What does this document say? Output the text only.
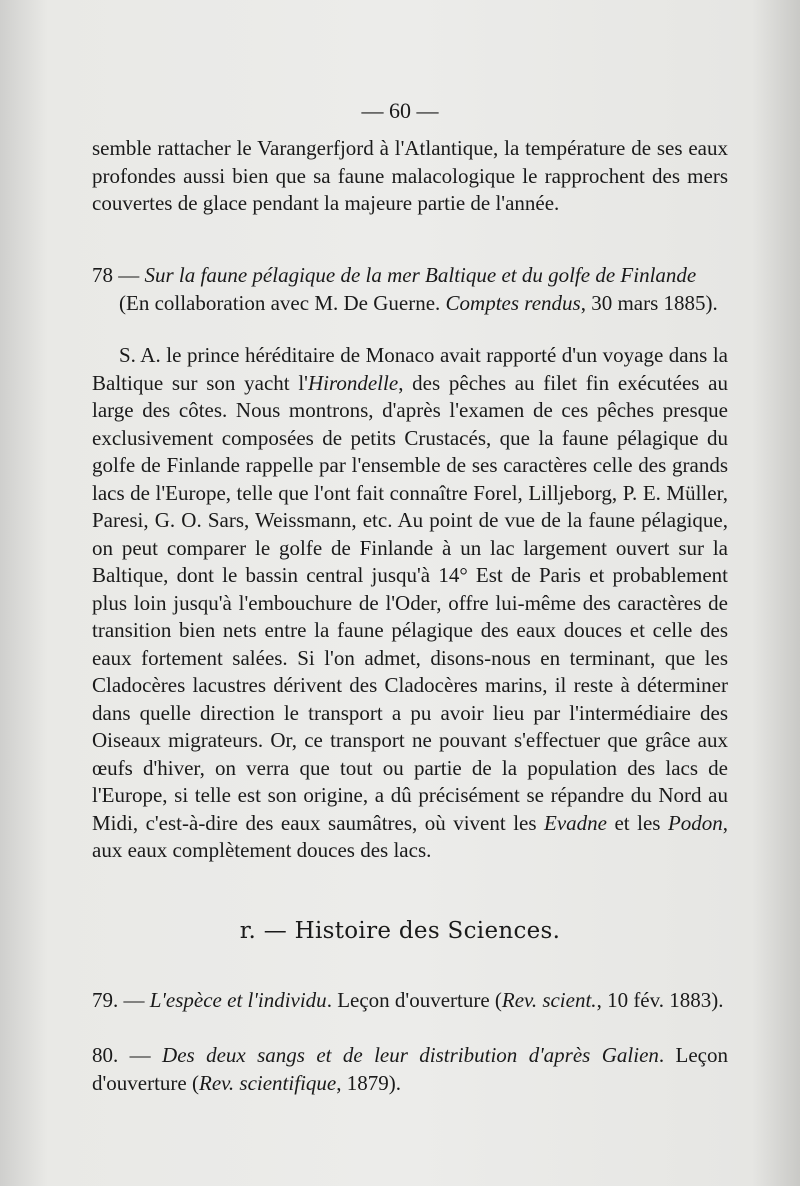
— 60 —
semble rattacher le Varangerfjord à l'Atlantique, la température de ses eaux profondes aussi bien que sa faune malacologique le rapprochent des mers couvertes de glace pendant la majeure partie de l'année.
78 — Sur la faune pélagique de la mer Baltique et du golfe de Finlande
(En collaboration avec M. De Guerne. Comptes rendus, 30 mars 1885).
S. A. le prince héréditaire de Monaco avait rapporté d'un voyage dans la Baltique sur son yacht l'Hirondelle, des pêches au filet fin exécutées au large des côtes. Nous montrons, d'après l'examen de ces pêches presque exclusivement composées de petits Crustacés, que la faune pélagique du golfe de Finlande rappelle par l'ensemble de ses caractères celle des grands lacs de l'Europe, telle que l'ont fait connaître Forel, Lilljeborg, P. E. Müller, Paresi, G. O. Sars, Weissmann, etc. Au point de vue de la faune pélagique, on peut comparer le golfe de Finlande à un lac largement ouvert sur la Baltique, dont le bassin central jusqu'à 14° Est de Paris et probablement plus loin jusqu'à l'embouchure de l'Oder, offre lui-même des caractères de transition bien nets entre la faune pélagique des eaux douces et celle des eaux fortement salées. Si l'on admet, disons-nous en terminant, que les Cladocères lacustres dérivent des Cladocères marins, il reste à déterminer dans quelle direction le transport a pu avoir lieu par l'intermédiaire des Oiseaux migrateurs. Or, ce transport ne pouvant s'effectuer que grâce aux œufs d'hiver, on verra que tout ou partie de la population des lacs de l'Europe, si telle est son origine, a dû précisément se répandre du Nord au Midi, c'est-à-dire des eaux saumâtres, où vivent les Evadne et les Podon, aux eaux complètement douces des lacs.
r. — Histoire des Sciences.
79. — L'espèce et l'individu. Leçon d'ouverture (Rev. scient., 10 fév. 1883).
80. — Des deux sangs et de leur distribution d'après Galien. Leçon d'ouverture (Rev. scientifique, 1879).
